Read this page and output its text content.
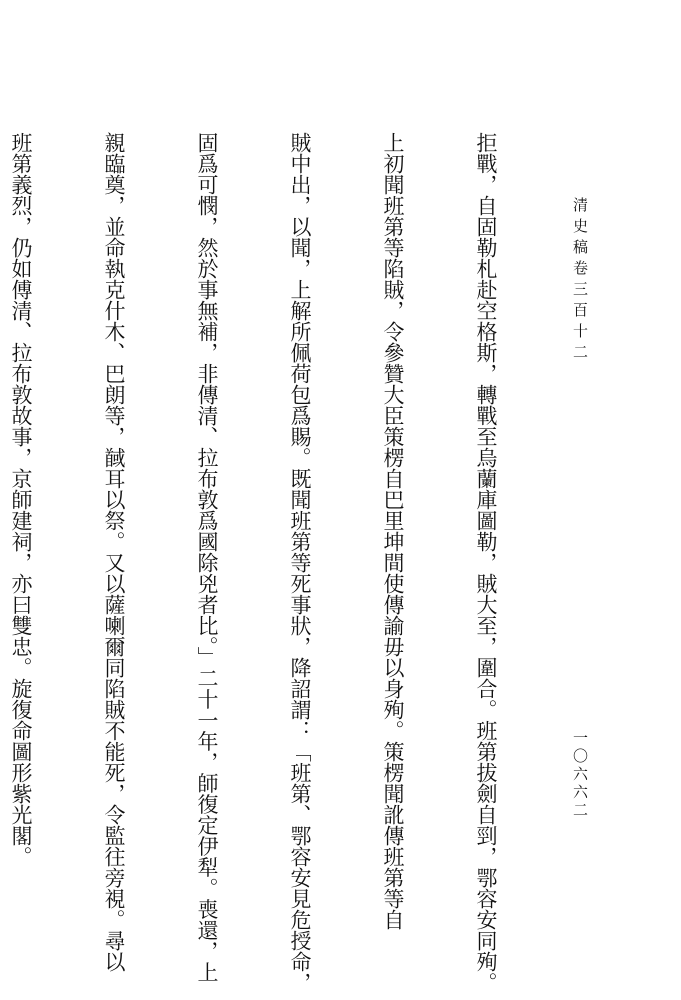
清史稿卷三百十二
一〇六六二

拒戰，自固勒札赴空格斯，轉戰至烏蘭庫圖勒，賊大至，圍合。班第拔劍自剄，鄂容安同殉。

上初聞班第等陷賊，令參贊大臣策楞自巴里坤間使傳諭毋以身殉。策楞聞訛傳班第等自

賊中出，以聞，上解所佩荷包爲賜。既聞班第等死事狀，降詔謂：「班第、鄂容安見危授命，

固爲可憫，然於事無補，非傳清、拉布敦爲國除兇者比。」二十一年，師復定伊犁。喪還，上

親臨奠，並命執克什木、巴朗等，馘耳以祭。又以薩喇爾同陷賊不能死，令監往旁視。尋以

班第義烈，仍如傅清、拉布敦故事，京師建祠，亦曰雙忠。旋復命圖形紫光閣。
